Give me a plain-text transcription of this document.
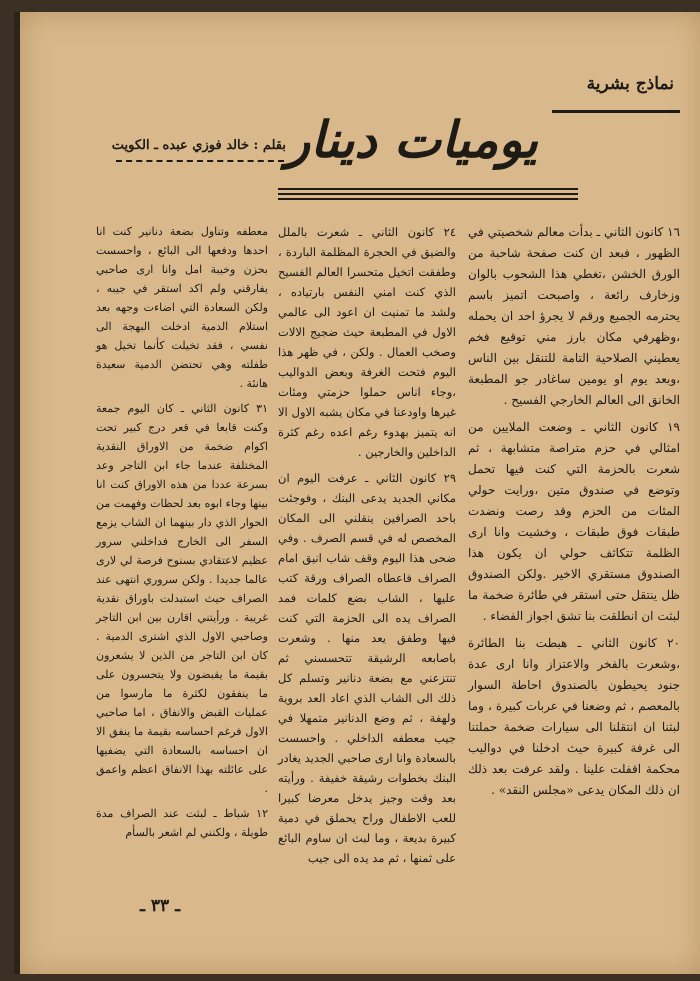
نماذج بشرية
يوميات دينار
بقلم : خالد فوزي عبده ـ الكويت

١٦ كانون الثاني ـ بدأت معالم شخصيتي في الظهور ، فبعد ان كنت صفحة شاحبة من الورق الخشن ،تغطي هذا الشحوب بالوان وزخارف رائعة ، واصبحت اتميز باسم يحترمه الجميع ورقم لا يجرؤ احد ان يحمله ،وظهرفي مكان بارز مني توقيع فخم يعطيني الصلاحية التامة للتنقل بين الناس ،وبعد يوم او يومين ساغادر جو المطبعة الخانق الى العالم الخارجي الفسيح .

١٩ كانون الثاني ـ وضعت الملايين من امثالي في حزم متراصة متشابهة ، ثم شعرت بالحزمة التي كنت فيها تحمل وتوضع في صندوق متين ،ورايت حولي المئات من الحزم وقد رصت ونضدت طبقات فوق طبقات ، وخشيت وانا ارى الظلمة تتكاثف حولي ان يكون هذا الصندوق مستقري الاخير .ولكن الصندوق ظل ينتقل حتى استقر في طائرة ضخمة ما لبثت ان انطلقت بنا تشق اجواز الفضاء .

٢٠ كانون الثاني ـ هبطت بنا الطائرة ،وشعرت بالفخر والاعتزاز وانا ارى عدة جنود يحيطون بالصندوق احاطة السوار بالمعصم ، ثم وضعنا في عربات كبيرة ، وما لبثنا ان انتقلنا الى سيارات ضخمة حملتنا الى غرفة كبيرة حيث ادخلنا في دواليب محكمة اقفلت علينا . ولقد عرفت بعد ذلك ان ذلك المكان يدعى «مجلس النقد» .

٢٤ كانون الثاني ـ شعرت بالملل والضيق في الحجرة المظلمة الباردة ، وطفقت اتخيل متحسرا العالم الفسيح الذي كنت امني النفس بارتياده ، ولشد ما تمنيت ان اعود الى عالمي الاول في المطبعة حيث ضجيج الالات وصخب العمال . ولكن ، في ظهر هذا اليوم فتحت الغرفة وبعض الدواليب ،وجاء اناس حملوا حزمتي ومئات غيرها واودعنا في مكان يشبه الاول الا انه يتميز بهدوء رغم اعده رغم كثرة الداخلين والخارجين .

٢٩ كانون الثاني ـ عرفت اليوم ان مكاني الجديد يدعى البنك ، وفوجئت باحد الصرافين ينقلني الى المكان المخصص له في قسم الصرف . وفي ضحى هذا اليوم وقف شاب انيق امام الصراف فاعطاه الصراف ورقة كتب عليها ، الشاب بضع كلمات فمد الصراف يده الى الحزمة التي كنت فيها وطفق يعد منها . وشعرت باصابعه الرشيقة تتحسسني ثم تنتزعني مع بضعة دنانير وتسلم كل ذلك الى الشاب الذي اعاد العد بروية ولهفة ، ثم وضع الدنانير متمهلا في جيب معطفه الداخلي . واحسست بالسعادة وانا ارى صاحبي الجديد يغادر البنك بخطوات رشيقة خفيفة . ورأيته بعد وقت وجيز يدخل معرضا كبيرا للعب الاطفال وراح يحملق في دمية كبيرة بديعة ، وما لبث ان ساوم البائع على ثمنها ، ثم مد يده الى جيب

معطفه وتناول بضعة دنانير كنت انا احدها ودفعها الى البائع ، واحسست بحزن وخيبة امل وانا ارى صاحبي يفارقني ولم اكد استقر في جيبه ، ولكن السعادة التي اضاءت وجهه بعد استلام الدمية ادخلت البهجة الى نفسي ، فقد تخيلت كأنما تخيل هو طفلته وهي تحتضن الدمية سعيدة هانئة .

٣١ كانون الثاني ـ كان اليوم جمعة وكنت قابعا في قعر درج كبير تحت اكوام ضخمة من الاوراق النقدية المختلفة عندما جاء ابن التاجر وعد بسرعة عددا من هذه الاوراق كنت انا بينها وجاء ابوه بعد لحظات وفهمت من الحوار الذي دار بينهما ان الشاب يزمع السفر الى الخارج فداخلني سرور عظيم لاعتقادي بسنوح فرصة لي لارى عالما جديدا . ولكن سروري انتهى عند الصراف حيث استبدلت باوراق نقدية غريبة . ورأيتني اقارن بين ابن التاجر وصاحبي الاول الذي اشترى الدمية . كان ابن التاجر من الذين لا يشعرون بقيمة ما يقبضون ولا يتحسرون على ما ينفقون لكثرة ما مارسوا من عمليات القبض والانفاق ، اما صاحبي الاول فرغم احساسه بقيمة ما ينفق الا ان احساسه بالسعادة التي يضفيها على عائلته بهذا الانفاق اعظم واعمق .

١٢ شباط ـ لبثت عند الصراف مدة طويلة ، ولكنني لم اشعر بالسأم

ـ ٣٣ ـ
